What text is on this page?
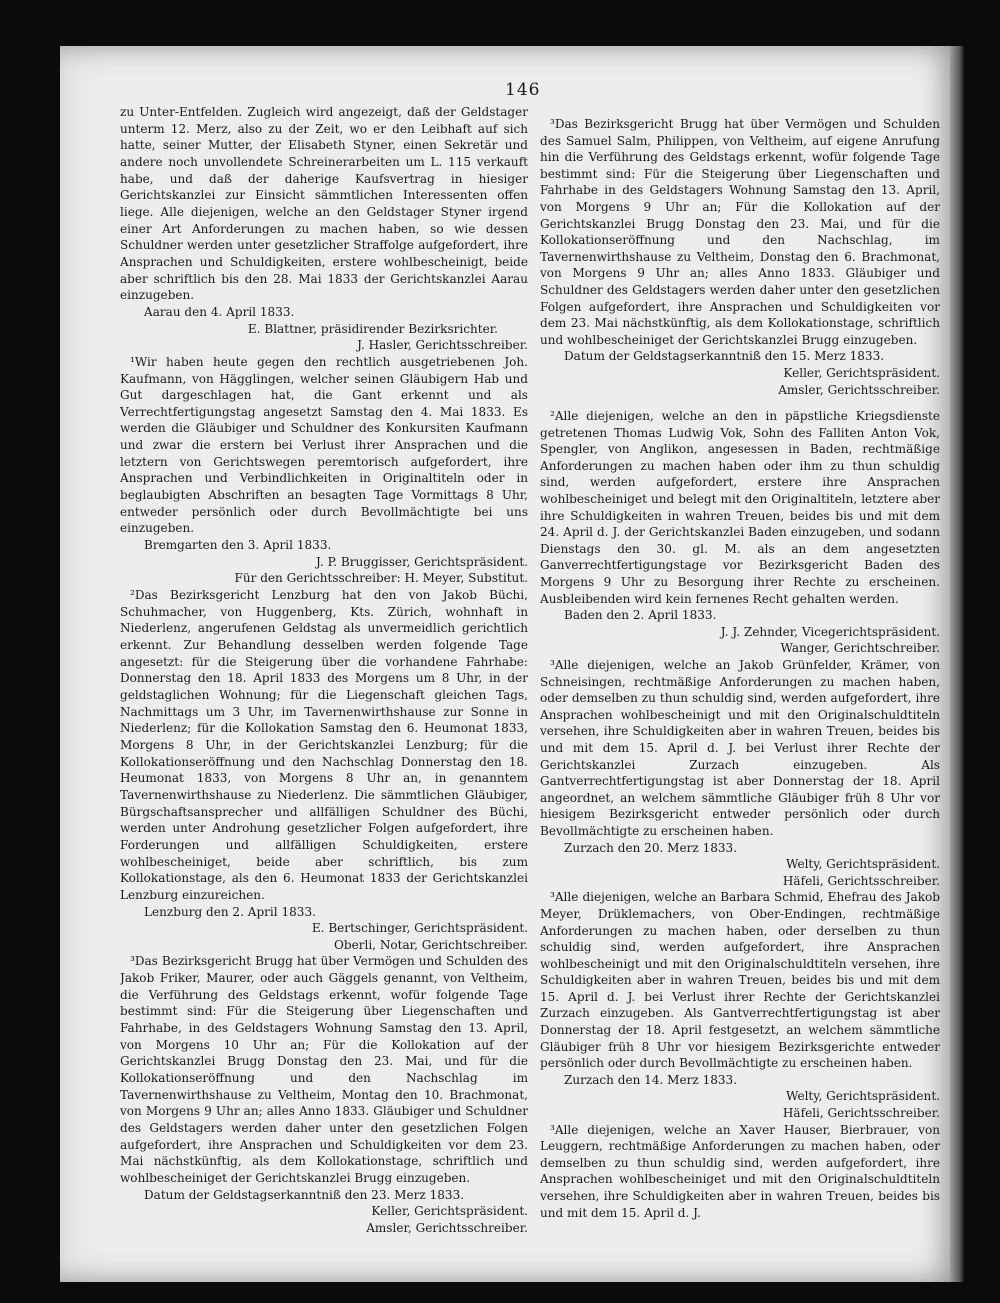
146

zu Unter-Entfelden. Zugleich wird angezeigt, daß der Geldstager unterm 12. Merz, also zu der Zeit, wo er den Leibhaft auf sich hatte, seiner Mutter, der Elisabeth Styner, einen Sekretär und andere noch unvollendete Schreinerarbeiten um L. 115 verkauft habe, und daß der daherige Kaufsvertrag in hiesiger Gerichtskanzlei zur Einsicht sämmtlichen Interessenten offen liege. Alle diejenigen, welche an den Geldstager Styner irgend einer Art Anforderungen zu machen haben, so wie dessen Schuldner werden unter gesetzlicher Straffolge aufgefordert, ihre Ansprachen und Schuldigkeiten, erstere wohlbescheinigt, beide aber schriftlich bis den 28. Mai 1833 der Gerichtskanzlei Aarau einzugeben.

Aarau den 4. April 1833.

E. Blattner, präsidirender Bezirksrichter.

J. Hasler, Gerichtsschreiber.

¹Wir haben heute gegen den rechtlich ausgetriebenen Joh. Kaufmann, von Hägglingen, welcher seinen Gläubigern Hab und Gut dargeschlagen hat, die Gant erkennt und als Verrechtfertigungstag angesetzt Samstag den 4. Mai 1833. Es werden die Gläubiger und Schuldner des Konkursiten Kaufmann und zwar die erstern bei Verlust ihrer Ansprachen und die letztern von Gerichtswegen peremtorisch aufgefordert, ihre Ansprachen und Verbindlichkeiten in Originaltiteln oder in beglaubigten Abschriften an besagten Tage Vormittags 8 Uhr, entweder persönlich oder durch Bevollmächtigte bei uns einzugeben.

Bremgarten den 3. April 1833.

J. P. Bruggisser, Gerichtspräsident.

Für den Gerichtsschreiber: H. Meyer, Substitut.

²Das Bezirksgericht Lenzburg hat den von Jakob Büchi, Schuhmacher, von Huggenberg, Kts. Zürich, wohnhaft in Niederlenz, angerufenen Geldstag als unvermeidlich gerichtlich erkennt. Zur Behandlung desselben werden folgende Tage angesetzt: für die Steigerung über die vorhandene Fahrhabe: Donnerstag den 18. April 1833 des Morgens um 8 Uhr, in der geldstaglichen Wohnung; für die Liegenschaft gleichen Tags, Nachmittags um 3 Uhr, im Tavernenwirthshause zur Sonne in Niederlenz; für die Kollokation Samstag den 6. Heumonat 1833, Morgens 8 Uhr, in der Gerichtskanzlei Lenzburg; für die Kollokationseröffnung und den Nachschlag Donnerstag den 18. Heumonat 1833, von Morgens 8 Uhr an, in genanntem Tavernenwirthshause zu Niederlenz. Die sämmtlichen Gläubiger, Bürgschaftsansprecher und allfälligen Schuldner des Büchi, werden unter Androhung gesetzlicher Folgen aufgefordert, ihre Forderungen und allfälligen Schuldigkeiten, erstere wohlbescheiniget, beide aber schriftlich, bis zum Kollokationstage, als den 6. Heumonat 1833 der Gerichtskanzlei Lenzburg einzureichen.

Lenzburg den 2. April 1833.

E. Bertschinger, Gerichtspräsident.

Oberli, Notar, Gerichtschreiber.

³Das Bezirksgericht Brugg hat über Vermögen und Schulden des Jakob Friker, Maurer, oder auch Gäggels genannt, von Veltheim, die Verführung des Geldstags erkennt, wofür folgende Tage bestimmt sind: Für die Steigerung über Liegenschaften und Fahrhabe, in des Geldstagers Wohnung Samstag den 13. April, von Morgens 10 Uhr an; Für die Kollokation auf der Gerichtskanzlei Brugg Donstag den 23. Mai, und für die Kollokationseröffnung und den Nachschlag im Tavernenwirthshause zu Veltheim, Montag den 10. Brachmonat, von Morgens 9 Uhr an; alles Anno 1833. Gläubiger und Schuldner des Geldstagers werden daher unter den gesetzlichen Folgen aufgefordert, ihre Ansprachen und Schuldigkeiten vor dem 23. Mai nächstkünftig, als dem Kollokationstage, schriftlich und wohlbescheiniget der Gerichtskanzlei Brugg einzugeben.

Datum der Geldstagserkanntniß den 23. Merz 1833.

Keller, Gerichtspräsident.

Amsler, Gerichtsschreiber.

³Das Bezirksgericht Brugg hat über Vermögen und Schulden des Samuel Salm, Philippen, von Veltheim, auf eigene Anrufung hin die Verführung des Geldstags erkennt, wofür folgende Tage bestimmt sind: Für die Steigerung über Liegenschaften und Fahrhabe in des Geldstagers Wohnung Samstag den 13. April, von Morgens 9 Uhr an; Für die Kollokation auf der Gerichtskanzlei Brugg Donstag den 23. Mai, und für die Kollokationseröffnung und den Nachschlag, im Tavernenwirthshause zu Veltheim, Donstag den 6. Brachmonat, von Morgens 9 Uhr an; alles Anno 1833. Gläubiger und Schuldner des Geldstagers werden daher unter den gesetzlichen Folgen aufgefordert, ihre Ansprachen und Schuldigkeiten vor dem 23. Mai nächstkünftig, als dem Kollokationstage, schriftlich und wohlbescheiniget der Gerichtskanzlei Brugg einzugeben.

Datum der Geldstagserkanntniß den 15. Merz 1833.

Keller, Gerichtspräsident.

Amsler, Gerichtsschreiber.

²Alle diejenigen, welche an den in päpstliche Kriegsdienste getretenen Thomas Ludwig Vok, Sohn des Falliten Anton Vok, Spengler, von Anglikon, angesessen in Baden, rechtmäßige Anforderungen zu machen haben oder ihm zu thun schuldig sind, werden aufgefordert, erstere ihre Ansprachen wohlbescheiniget und belegt mit den Originaltiteln, letztere aber ihre Schuldigkeiten in wahren Treuen, beides bis und mit dem 24. April d. J. der Gerichtskanzlei Baden einzugeben, und sodann Dienstags den 30. gl. M. als an dem angesetzten Ganverrechtfertigungstage vor Bezirksgericht Baden des Morgens 9 Uhr zu Besorgung ihrer Rechte zu erscheinen. Ausbleibenden wird kein fernenes Recht gehalten werden.

Baden den 2. April 1833.

J. J. Zehnder, Vicegerichtspräsident.

Wanger, Gerichtschreiber.

³Alle diejenigen, welche an Jakob Grünfelder, Krämer, von Schneisingen, rechtmäßige Anforderungen zu machen haben, oder demselben zu thun schuldig sind, werden aufgefordert, ihre Ansprachen wohlbescheinigt und mit den Originalschuldtiteln versehen, ihre Schuldigkeiten aber in wahren Treuen, beides bis und mit dem 15. April d. J. bei Verlust ihrer Rechte der Gerichtskanzlei Zurzach einzugeben. Als Gantverrechtfertigungstag ist aber Donnerstag der 18. April angeordnet, an welchem sämmtliche Gläubiger früh 8 Uhr vor hiesigem Bezirksgericht entweder persönlich oder durch Bevollmächtigte zu erscheinen haben.

Zurzach den 20. Merz 1833.

Welty, Gerichtspräsident.

Häfeli, Gerichtsschreiber.

³Alle diejenigen, welche an Barbara Schmid, Ehefrau des Jakob Meyer, Drüklemachers, von Ober-Endingen, rechtmäßige Anforderungen zu machen haben, oder derselben zu thun schuldig sind, werden aufgefordert, ihre Ansprachen wohlbescheinigt und mit den Originalschuldtiteln versehen, ihre Schuldigkeiten aber in wahren Treuen, beides bis und mit dem 15. April d. J. bei Verlust ihrer Rechte der Gerichtskanzlei Zurzach einzugeben. Als Gantverrechtfertigungstag ist aber Donnerstag der 18. April festgesetzt, an welchem sämmtliche Gläubiger früh 8 Uhr vor hiesigem Bezirksgerichte entweder persönlich oder durch Bevollmächtigte zu erscheinen haben.

Zurzach den 14. Merz 1833.

Welty, Gerichtspräsident.

Häfeli, Gerichtsschreiber.

³Alle diejenigen, welche an Xaver Hauser, Bierbrauer, von Leuggern, rechtmäßige Anforderungen zu machen haben, oder demselben zu thun schuldig sind, werden aufgefordert, ihre Ansprachen wohlbescheiniget und mit den Originalschuldtiteln versehen, ihre Schuldigkeiten aber in wahren Treuen, beides bis und mit dem 15. April d. J.
